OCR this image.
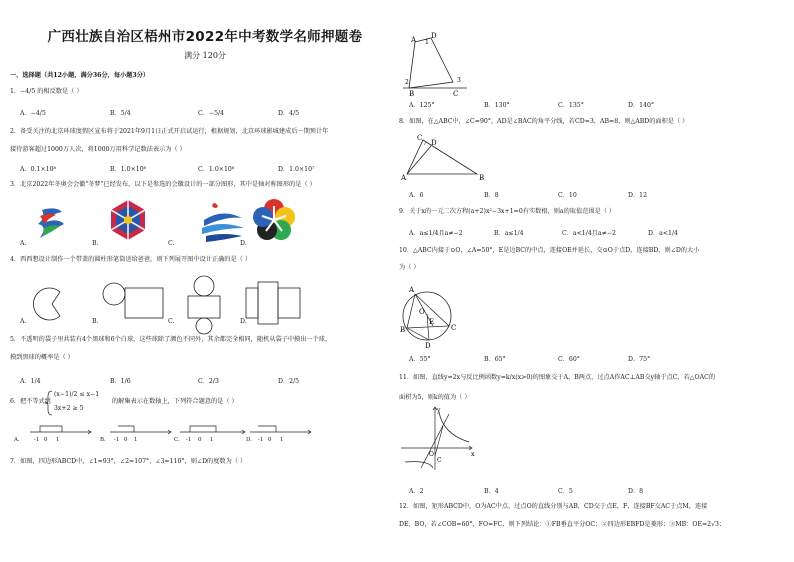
广西壮族自治区梧州市2022年中考数学名师押题卷
满分 120分
一、选择题（共12小题，满分36分，每小题3分）
1．−4/5 的相反数是（ ）
A．−4/5	B．5/4	C．−5/4	D．4/5
2．备受关注的北京环球度假区宣布将于2021年9月1日正式开启试运行，根据规划，北京环球影城建成后一期预计年
接待游客超过1000万人次，将1000万用科学记数法表示为（ ）
A．0.1×10⁸	B．1.0×10⁸	C．1.0×10⁶	D．1.0×10⁷
3．北京2022年冬奥会会徽"冬梦"已经发布，以下是参选的会徽设计的一部分图形，其中是轴对称图形的是（ ）
A.	B.	C.	D.
4．西西想设计制作一个带盖的圆柱形笔筒送给爸爸，则下列展开图中设计正确的是（ ）
A.	B.	C.	D.
5．不透明的袋子里共装有4个黑球和6个白球，这些球除了颜色不同外，其余都完全相同，随机从袋子中摸出一个球，
摸到黑球的概率是（ ）
A．1/4	B．1/6	C．2/3	D．2/5
6．把不等式组
(x−1)/2 ≤ x−1
3x+2 ≥ 5
的解集表示在数轴上，下列符合题意的是（ ）
A.	-1 0	1	B.	-1 0	1	C.	-1	0	1	D.	-1 0	1
7．如图，四边形ABCD中，∠1=93°，∠2=107°，∠3=110°，则∠D的度数为（ ）
A D
B	C
1
2	3
A．125°	B．130°	C．135°	D．140°
8．如图，在△ABC中，∠C=90°，AD是∠BAC的角平分线，若CD=3，AB=8，则△ABD的面积是（ ）
A	B
C
D
A．6	B．8	C．10	D．12
9．关于x的一元二次方程(a+2)x²−3x+1=0有实数根，则a的取值范围是（ ）
A．a≤1/4且a≠−2	B．a≤1/4	C．a<1/4且a≠−2	D．a<1/4
10．△ABC内接于⊙O，∠A=50°，E是边BC的中点，连接OE并延长，交⊙O于点D，连接BD，则∠D的大小
为（ ）
A
B	C
O
E
D
A．55°	B．65°	C．60°	D．75°
11．如图，直线y=2x与反比例函数y=k/x(x>0)的图象交于A，B两点，过点A作AC⊥AB交y轴于点C，若△OAC的
面积为5，则k的值为（ ）
y
x
O
C
A．2	B．4	C．5	D．8
12．如图，矩形ABCD中，O为AC中点，过点O的直线分别与AB，CD交于点E，F，连接BF交AC于点M，连接
DE，BO，若∠COB=60°，FO=FC，则下列结论：①FB垂直平分OC；②四边形EBFD是菱形；③MB：OE=2√3；
